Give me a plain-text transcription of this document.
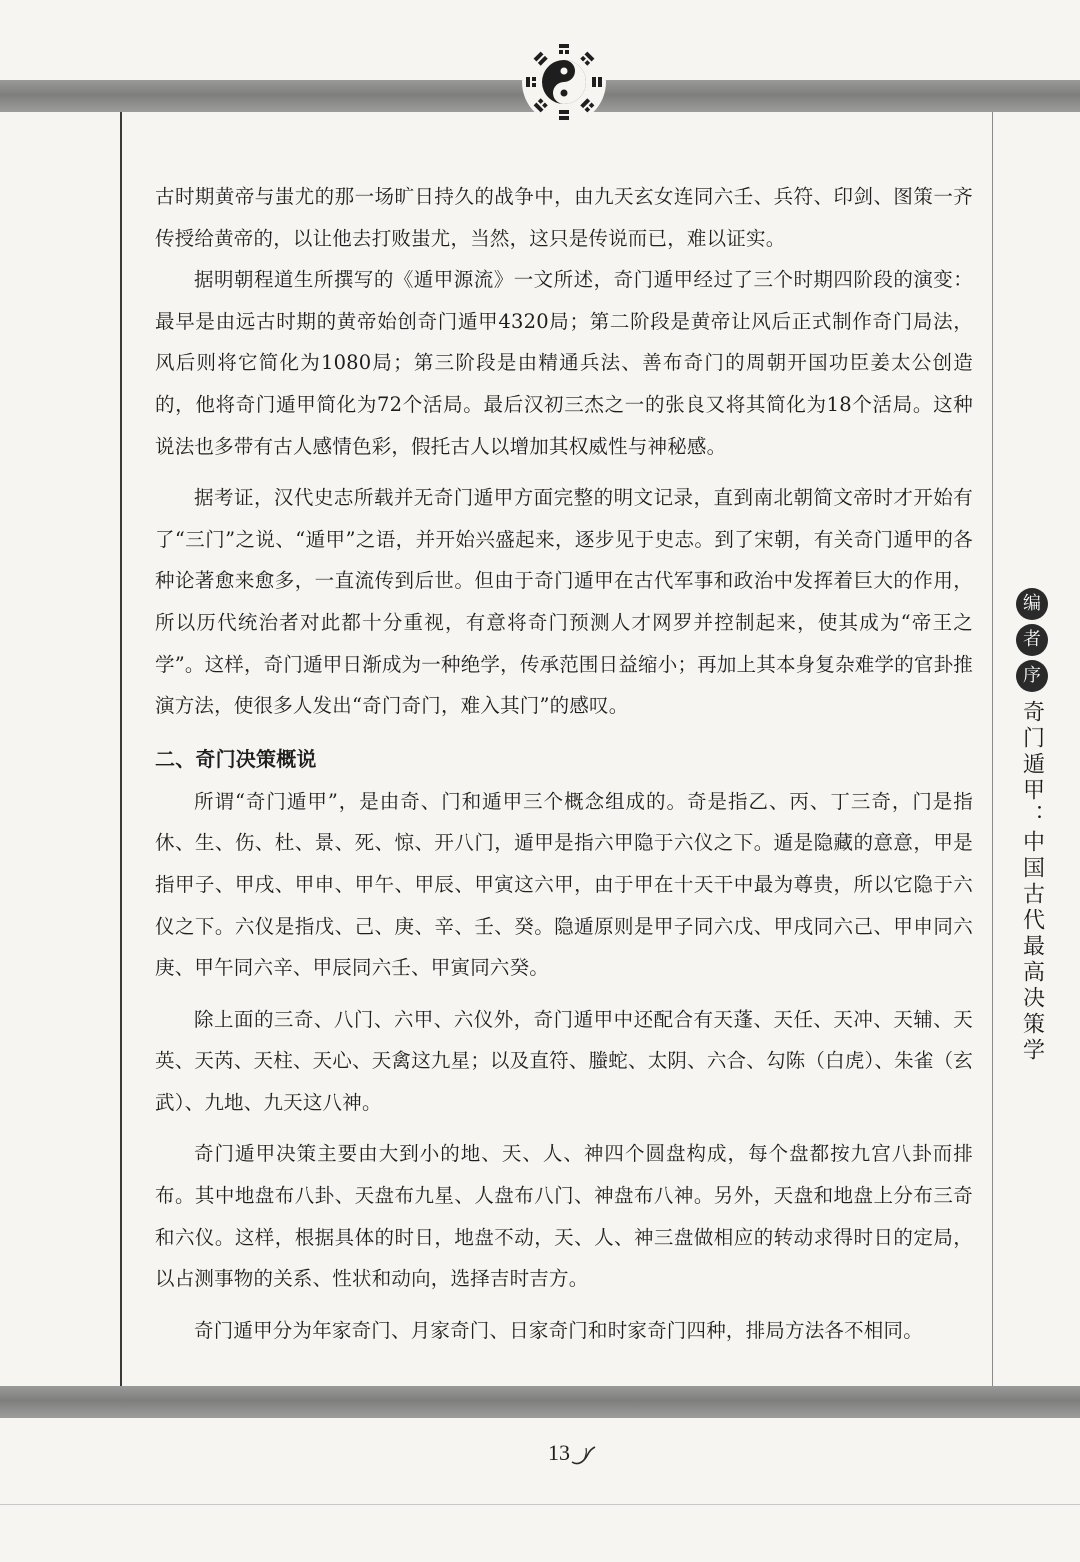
古时期黄帝与蚩尤的那一场旷日持久的战争中，由九天玄女连同六壬、兵符、印剑、图策一齐传授给黄帝的，以让他去打败蚩尤，当然，这只是传说而已，难以证实。

据明朝程道生所撰写的《遁甲源流》一文所述，奇门遁甲经过了三个时期四阶段的演变：最早是由远古时期的黄帝始创奇门遁甲4320局；第二阶段是黄帝让风后正式制作奇门局法，风后则将它简化为1080局；第三阶段是由精通兵法、善布奇门的周朝开国功臣姜太公创造的，他将奇门遁甲简化为72个活局。最后汉初三杰之一的张良又将其简化为18个活局。这种说法也多带有古人感情色彩，假托古人以增加其权威性与神秘感。

据考证，汉代史志所载并无奇门遁甲方面完整的明文记录，直到南北朝简文帝时才开始有了“三门”之说、“遁甲”之语，并开始兴盛起来，逐步见于史志。到了宋朝，有关奇门遁甲的各种论著愈来愈多，一直流传到后世。但由于奇门遁甲在古代军事和政治中发挥着巨大的作用，所以历代统治者对此都十分重视，有意将奇门预测人才网罗并控制起来，使其成为“帝王之学”。这样，奇门遁甲日渐成为一种绝学，传承范围日益缩小；再加上其本身复杂难学的官卦推演方法，使很多人发出“奇门奇门，难入其门”的感叹。

二、奇门决策概说

所谓“奇门遁甲”，是由奇、门和遁甲三个概念组成的。奇是指乙、丙、丁三奇，门是指休、生、伤、杜、景、死、惊、开八门，遁甲是指六甲隐于六仪之下。遁是隐藏的意意，甲是指甲子、甲戌、甲申、甲午、甲辰、甲寅这六甲，由于甲在十天干中最为尊贵，所以它隐于六仪之下。六仪是指戊、己、庚、辛、壬、癸。隐遁原则是甲子同六戊、甲戌同六己、甲申同六庚、甲午同六辛、甲辰同六壬、甲寅同六癸。

除上面的三奇、八门、六甲、六仪外，奇门遁甲中还配合有天蓬、天任、天冲、天辅、天英、天芮、天柱、天心、天禽这九星；以及直符、螣蛇、太阴、六合、勾陈（白虎）、朱雀（玄武）、九地、九天这八神。

奇门遁甲决策主要由大到小的地、天、人、神四个圆盘构成，每个盘都按九宫八卦而排布。其中地盘布八卦、天盘布九星、人盘布八门、神盘布八神。另外，天盘和地盘上分布三奇和六仪。这样，根据具体的时日，地盘不动，天、人、神三盘做相应的转动求得时日的定局，以占测事物的关系、性状和动向，选择吉时吉方。

奇门遁甲分为年家奇门、月家奇门、日家奇门和时家奇门四种，排局方法各不相同。

编
者
序
奇门遁甲：中国古代最高决策学
13
